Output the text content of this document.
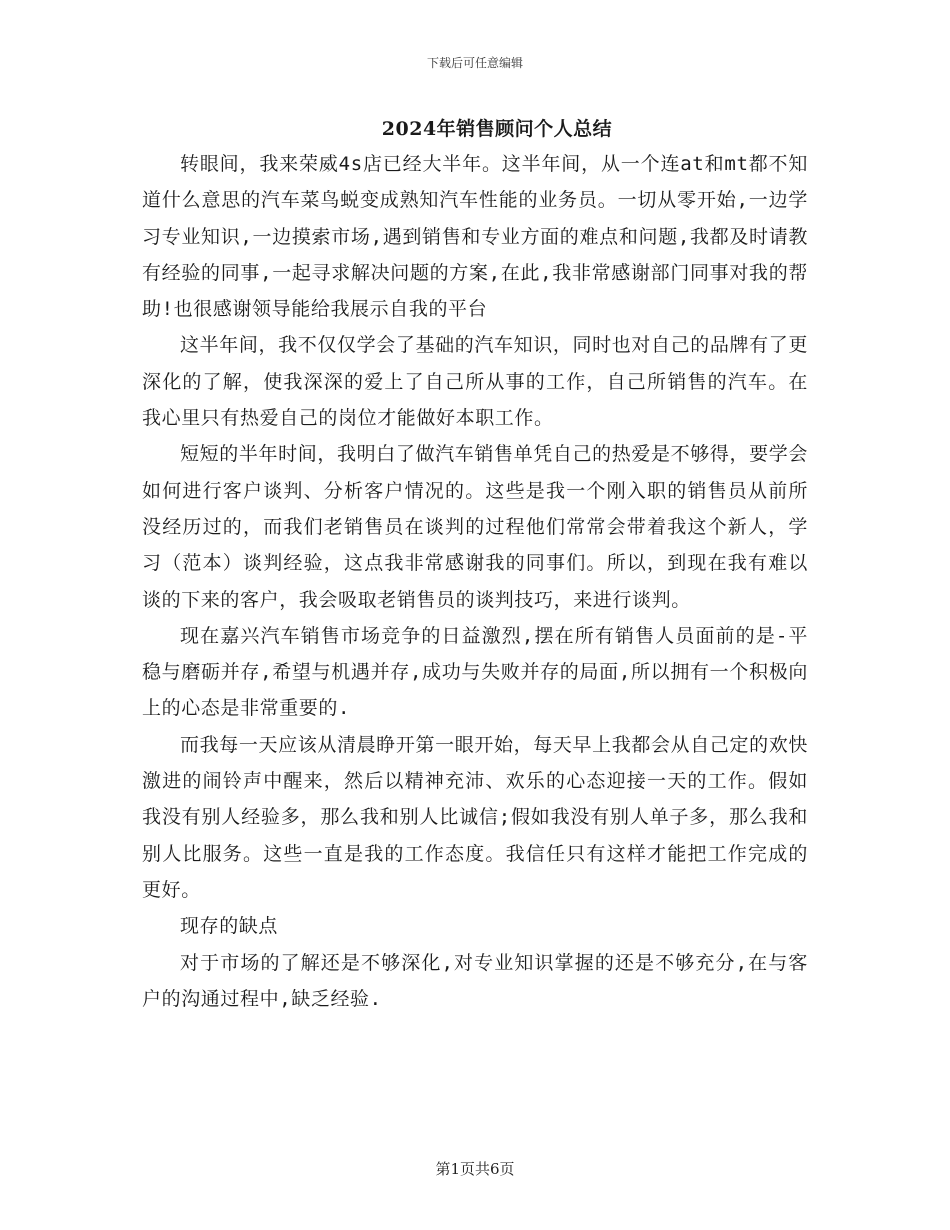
下载后可任意编辑
2024年销售顾问个人总结

转眼间，我来荣威4s店已经大半年。这半年间，从一个连at和mt都不知道什么意思的汽车菜鸟蜕变成熟知汽车性能的业务员。一切从零开始,一边学习专业知识,一边摸索市场,遇到销售和专业方面的难点和问题,我都及时请教有经验的同事,一起寻求解决问题的方案,在此,我非常感谢部门同事对我的帮助!也很感谢领导能给我展示自我的平台

这半年间，我不仅仅学会了基础的汽车知识，同时也对自己的品牌有了更深化的了解，使我深深的爱上了自己所从事的工作，自己所销售的汽车。在我心里只有热爱自己的岗位才能做好本职工作。

短短的半年时间，我明白了做汽车销售单凭自己的热爱是不够得，要学会如何进行客户谈判、分析客户情况的。这些是我一个刚入职的销售员从前所没经历过的，而我们老销售员在谈判的过程他们常常会带着我这个新人，学习（范本）谈判经验，这点我非常感谢我的同事们。所以，到现在我有难以谈的下来的客户，我会吸取老销售员的谈判技巧，来进行谈判。

现在嘉兴汽车销售市场竞争的日益激烈,摆在所有销售人员面前的是-平稳与磨砺并存,希望与机遇并存,成功与失败并存的局面,所以拥有一个积极向上的心态是非常重要的.

而我每一天应该从清晨睁开第一眼开始，每天早上我都会从自己定的欢快激进的闹铃声中醒来，然后以精神充沛、欢乐的心态迎接一天的工作。假如我没有别人经验多，那么我和别人比诚信;假如我没有别人单子多，那么我和别人比服务。这些一直是我的工作态度。我信任只有这样才能把工作完成的更好。

现存的缺点

对于市场的了解还是不够深化,对专业知识掌握的还是不够充分,在与客户的沟通过程中,缺乏经验.

第1页共6页
